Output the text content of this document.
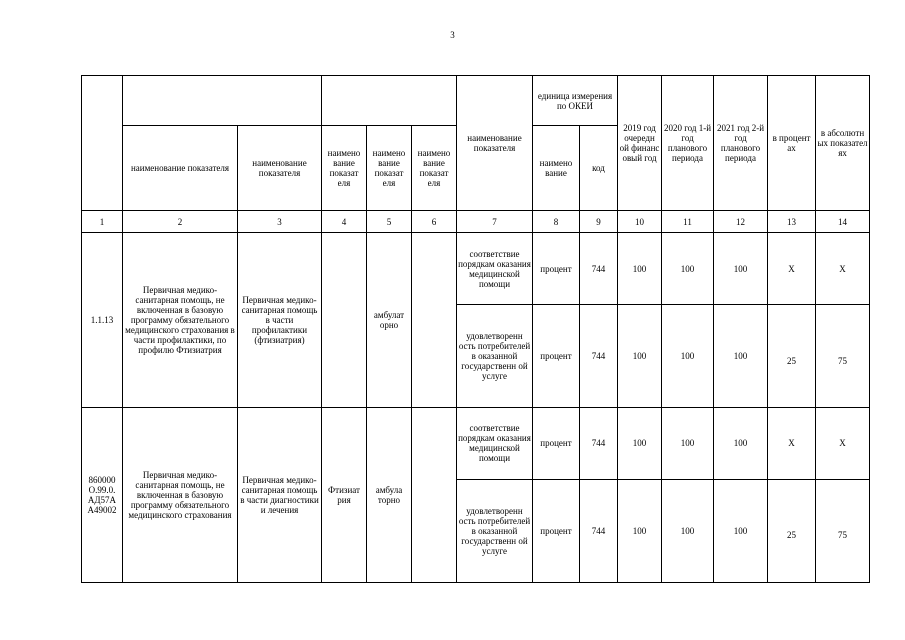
3
						наименование показателя	единица измерения по ОКЕИ		2019 год очередн ой финанс овый год	2020 год 1-й год планового периода	2021 год 2-й год планового периода	в процент ах	в абсолютн ых показател ях
	наименование показателя	наименование показателя	наимено вание показат еля	наимено вание показат еля	наимено вание показат еля		наимено вание	код					
1	2	3	4	5	6	7	8	9	10	11	12	13	14
1.1.13	Первичная медико-санитарная помощь, не включенная в базовую программу обязательного медицинского страхования в части профилактики, по профилю Фтизиатрия	Первичная медико-санитарная помощь в части профилактики (фтизиатрия)		амбулат орно		соответствие порядкам оказания медицинской помощи	процент	744	100	100	100	X	X
						удовлетворенн ость потребителей в оказанной государственн ой услуге	процент	744	100	100	100	25	75
860000 О.99.0. АД57А А49002	Первичная медико-санитарная помощь, не включенная в базовую программу обязательного медицинского страхования	Первичная медико-санитарная помощь в части диагностики и лечения	Фтизиат рия	амбула торно		соответствие порядкам оказания медицинской помощи	процент	744	100	100	100	X	X
						удовлетворенн ость потребителей в оказанной государственн ой услуге	процент	744	100	100	100	25	75
